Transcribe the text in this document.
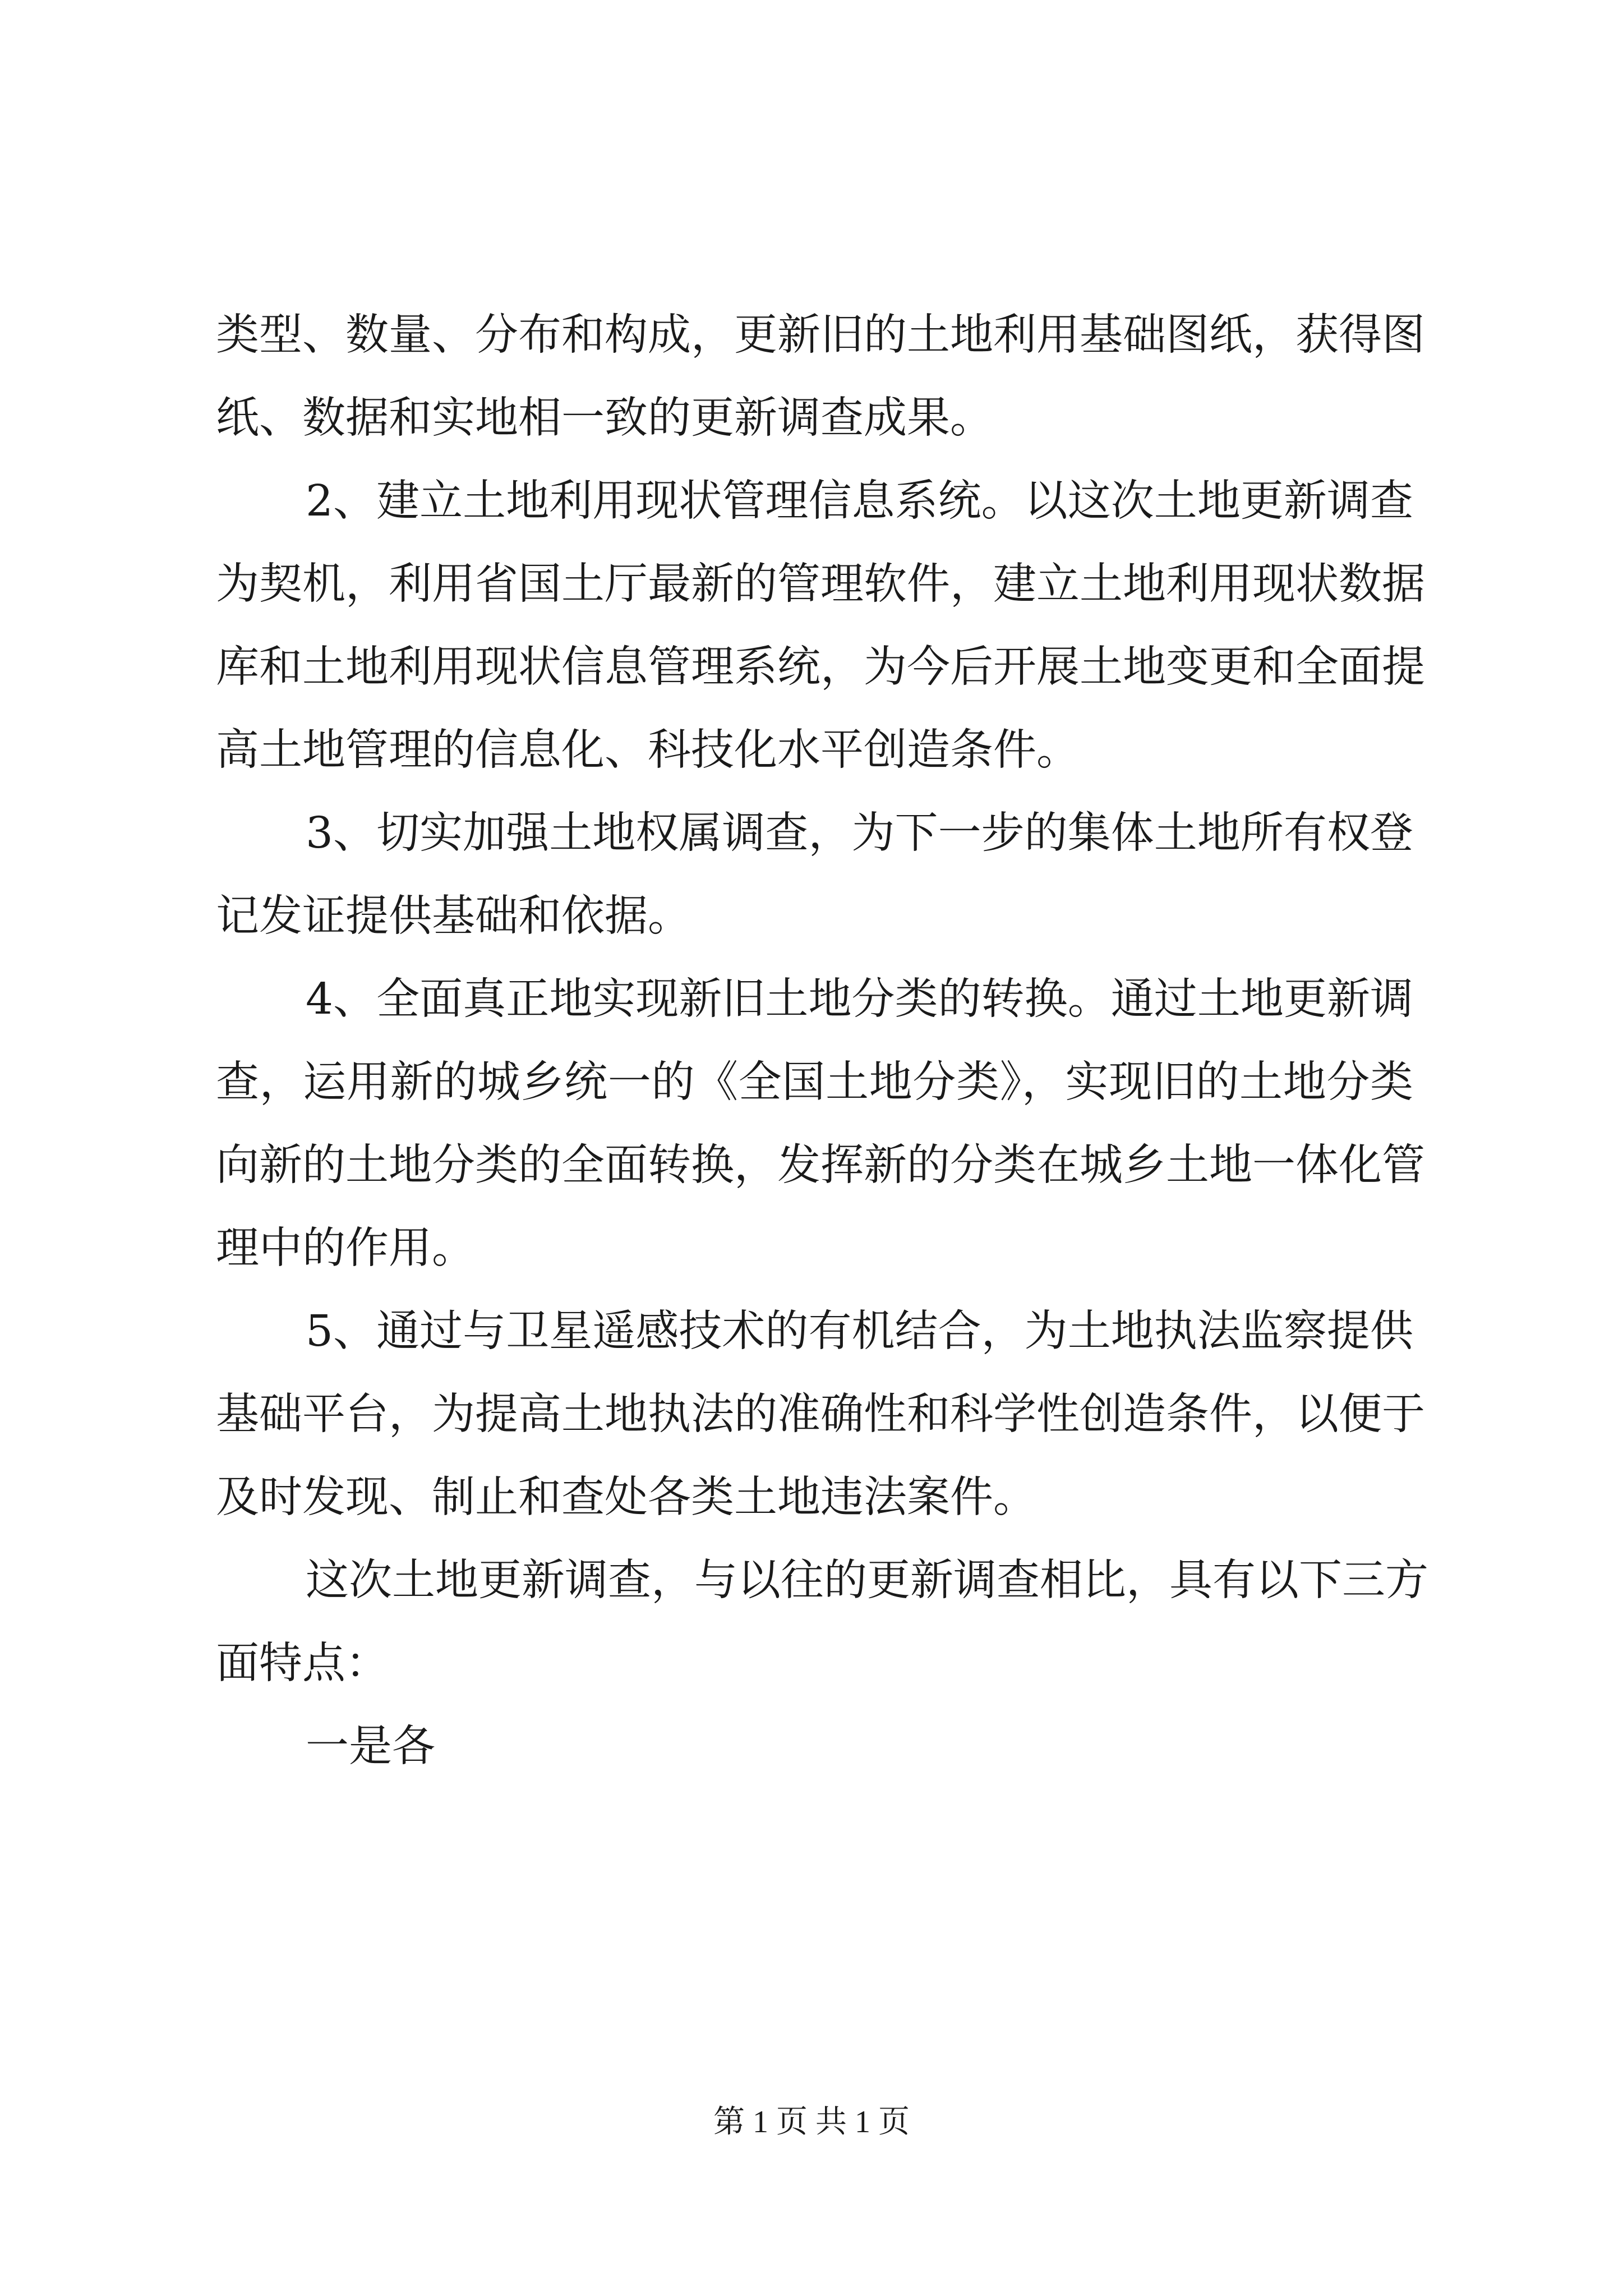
类型、数量、分布和构成，更新旧的土地利用基础图纸，获得图
纸、数据和实地相一致的更新调查成果。
2、建立土地利用现状管理信息系统。以这次土地更新调查
为契机，利用省国土厅最新的管理软件，建立土地利用现状数据
库和土地利用现状信息管理系统，为今后开展土地变更和全面提
高土地管理的信息化、科技化水平创造条件。
3、切实加强土地权属调查，为下一步的集体土地所有权登
记发证提供基础和依据。
4、全面真正地实现新旧土地分类的转换。通过土地更新调
查，运用新的城乡统一的《全国土地分类》，实现旧的土地分类
向新的土地分类的全面转换，发挥新的分类在城乡土地一体化管
理中的作用。
5、通过与卫星遥感技术的有机结合，为土地执法监察提供
基础平台，为提高土地执法的准确性和科学性创造条件，以便于
及时发现、制止和查处各类土地违法案件。
这次土地更新调查，与以往的更新调查相比，具有以下三方
面特点：
一是各
第 1 页 共 1 页
